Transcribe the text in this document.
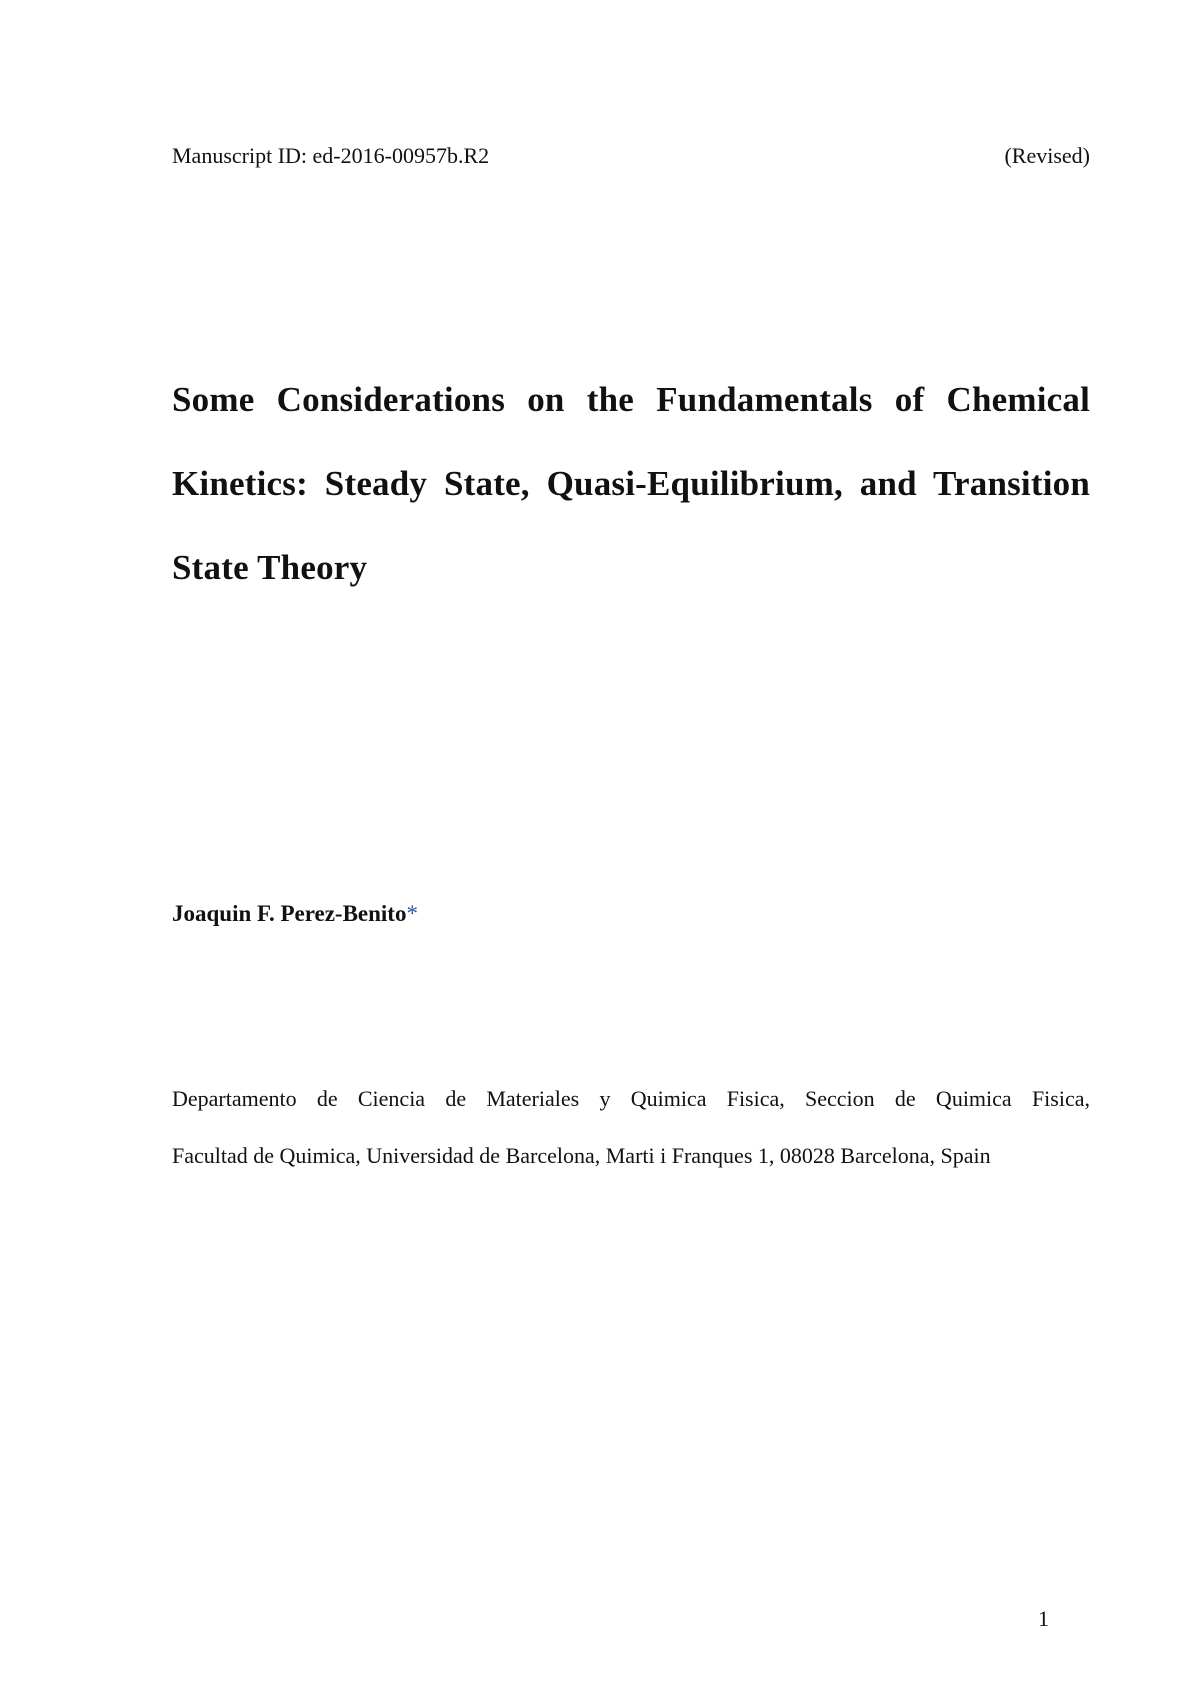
Manuscript ID: ed-2016-00957b.R2	(Revised)
Some Considerations on the Fundamentals of Chemical
Kinetics: Steady State, Quasi-Equilibrium, and Transition
State Theory
Joaquin F. Perez-Benito*
Departamento de Ciencia de Materiales y Quimica Fisica, Seccion de Quimica Fisica,
Facultad de Quimica, Universidad de Barcelona, Marti i Franques 1, 08028 Barcelona, Spain
1
